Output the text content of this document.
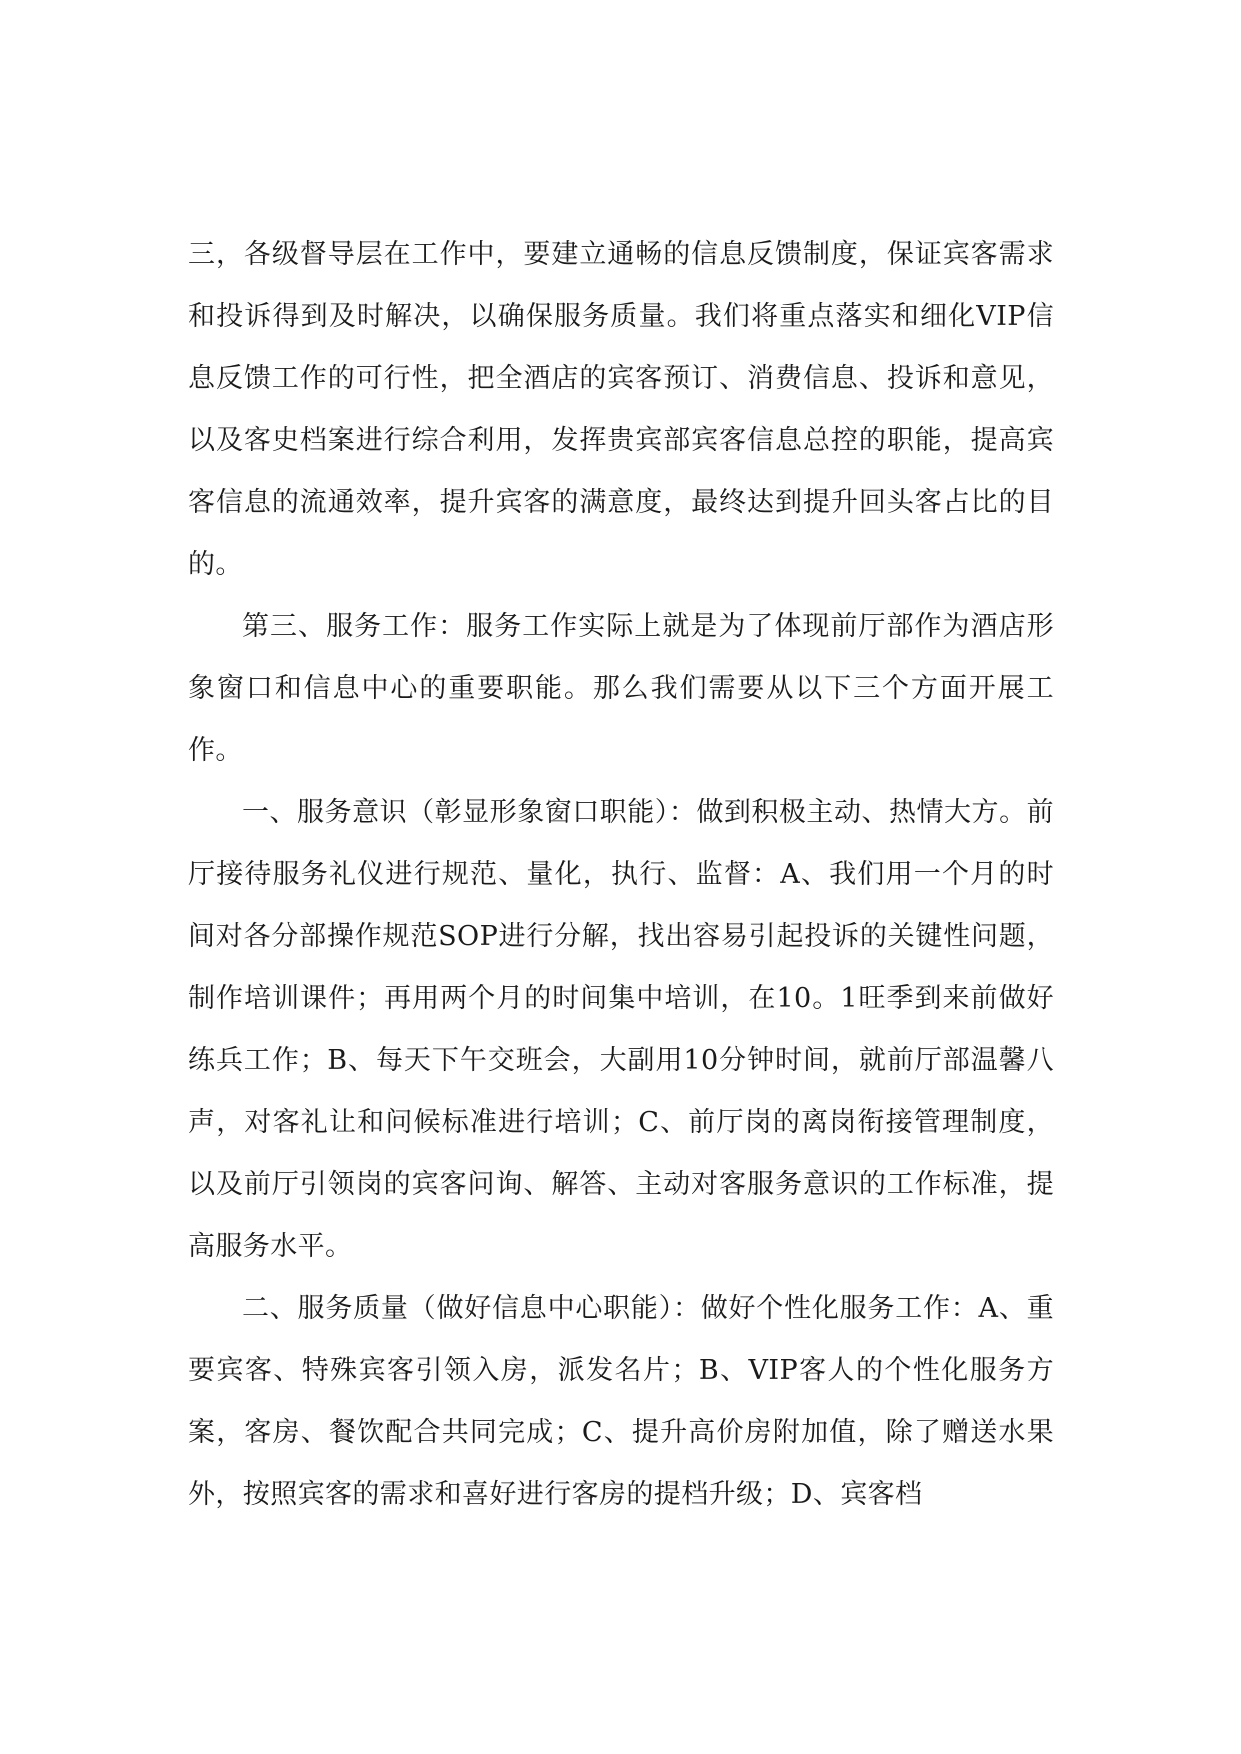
三，各级督导层在工作中，要建立通畅的信息反馈制度，保证宾客需求和投诉得到及时解决，以确保服务质量。我们将重点落实和细化VIP信息反馈工作的可行性，把全酒店的宾客预订、消费信息、投诉和意见，以及客史档案进行综合利用，发挥贵宾部宾客信息总控的职能，提高宾客信息的流通效率，提升宾客的满意度，最终达到提升回头客占比的目的。

第三、服务工作：服务工作实际上就是为了体现前厅部作为酒店形象窗口和信息中心的重要职能。那么我们需要从以下三个方面开展工作。

一、服务意识（彰显形象窗口职能）：做到积极主动、热情大方。前厅接待服务礼仪进行规范、量化，执行、监督：A、我们用一个月的时间对各分部操作规范SOP进行分解，找出容易引起投诉的关键性问题，制作培训课件；再用两个月的时间集中培训，在10。1旺季到来前做好练兵工作；B、每天下午交班会，大副用10分钟时间，就前厅部温馨八声，对客礼让和问候标准进行培训；C、前厅岗的离岗衔接管理制度，以及前厅引领岗的宾客问询、解答、主动对客服务意识的工作标准，提高服务水平。

二、服务质量（做好信息中心职能）：做好个性化服务工作：A、重要宾客、特殊宾客引领入房，派发名片；B、VIP客人的个性化服务方案，客房、餐饮配合共同完成；C、提升高价房附加值，除了赠送水果外，按照宾客的需求和喜好进行客房的提档升级；D、宾客档
